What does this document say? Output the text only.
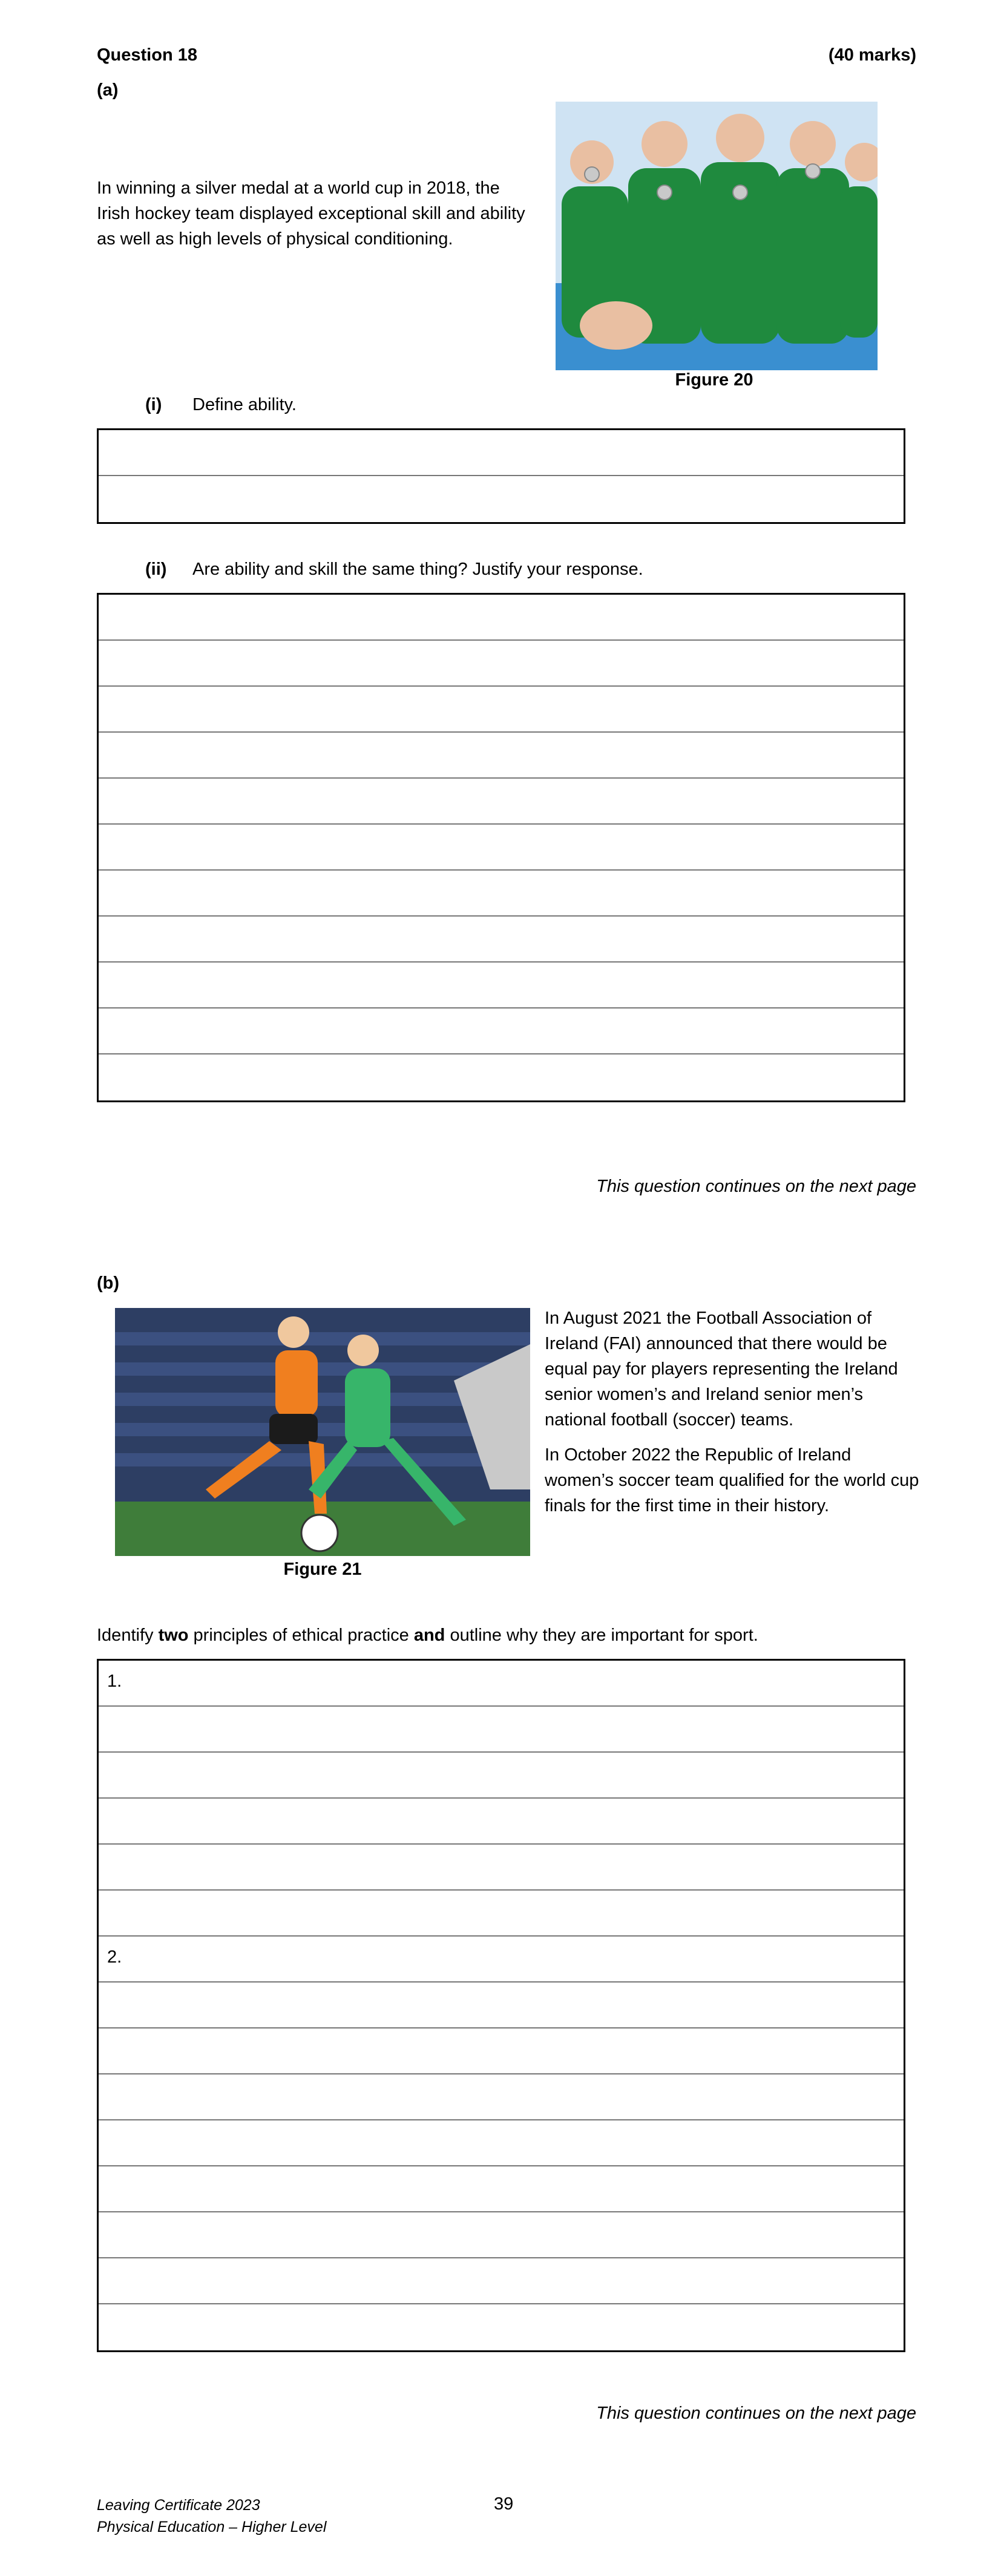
Question 18	(40 marks)
(a)
In winning a silver medal at a world cup in 2018, the Irish hockey team displayed exceptional skill and ability as well as high levels of physical conditioning.
Figure 20
(i) Define ability.
(ii) Are ability and skill the same thing? Justify your response.
This question continues on the next page
(b)
Figure 21
In August 2021 the Football Association of Ireland (FAI) announced that there would be equal pay for players representing the Ireland senior women’s and Ireland senior men’s national football (soccer) teams.
In October 2022 the Republic of Ireland women’s soccer team qualified for the world cup finals for the first time in their history.
Identify two principles of ethical practice and outline why they are important for sport.
1.
2.
This question continues on the next page
Leaving Certificate 2023
Physical Education – Higher Level
39
